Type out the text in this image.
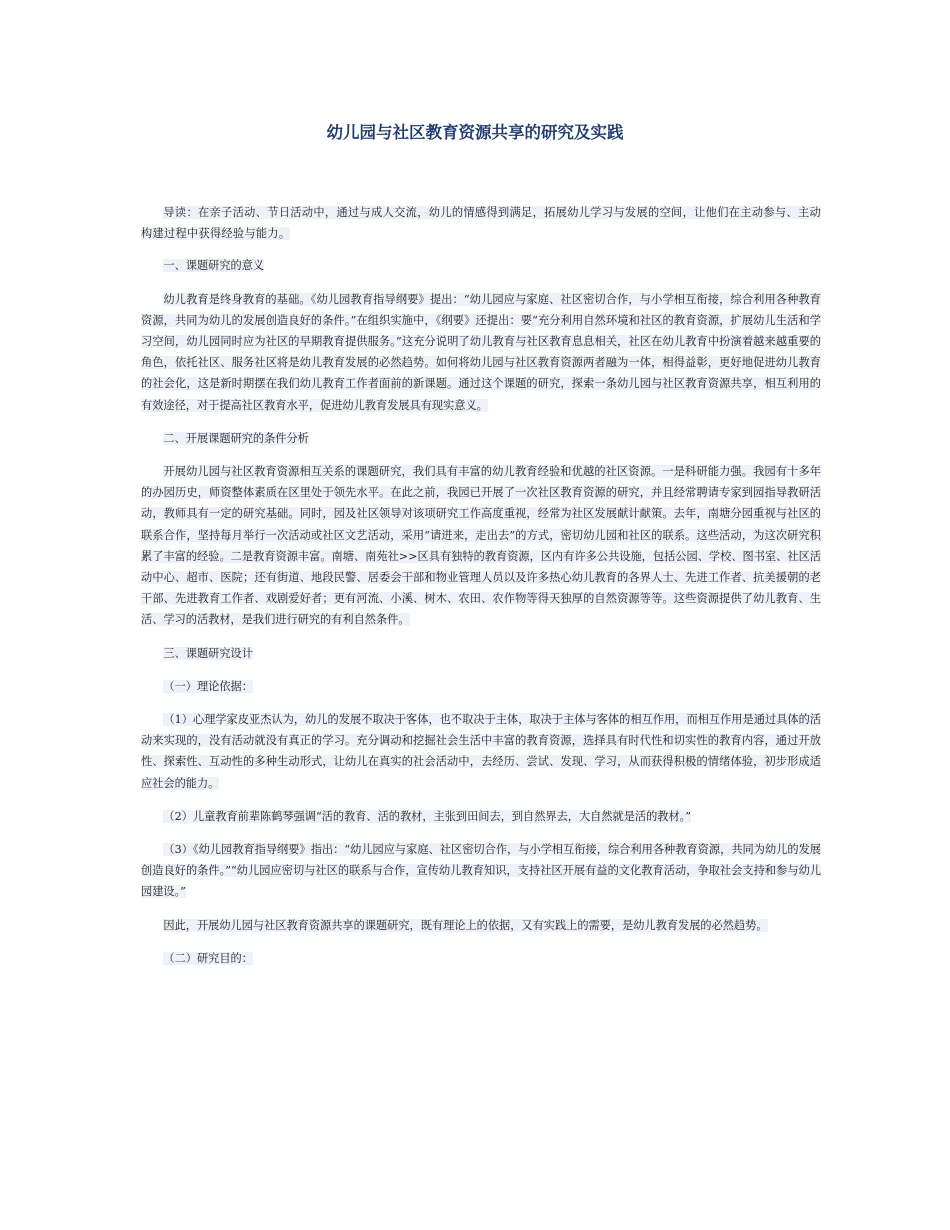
幼儿园与社区教育资源共享的研究及实践

导读：在亲子活动、节日活动中，通过与成人交流，幼儿的情感得到满足，拓展幼儿学习与发展的空间，让他们在主动参与、主动构建过程中获得经验与能力。

一、课题研究的意义

幼儿教育是终身教育的基础。《幼儿园教育指导纲要》提出：“幼儿园应与家庭、社区密切合作，与小学相互衔接，综合利用各种教育资源，共同为幼儿的发展创造良好的条件。”在组织实施中，《纲要》还提出：要“充分利用自然环境和社区的教育资源，扩展幼儿生活和学习空间，幼儿园同时应为社区的早期教育提供服务。”这充分说明了幼儿教育与社区教育息息相关，社区在幼儿教育中扮演着越来越重要的角色，依托社区、服务社区将是幼儿教育发展的必然趋势。如何将幼儿园与社区教育资源两者融为一体，相得益彰，更好地促进幼儿教育的社会化，这是新时期摆在我们幼儿教育工作者面前的新课题。通过这个课题的研究，探索一条幼儿园与社区教育资源共享，相互利用的有效途径，对于提高社区教育水平，促进幼儿教育发展具有现实意义。

二、开展课题研究的条件分析

开展幼儿园与社区教育资源相互关系的课题研究，我们具有丰富的幼儿教育经验和优越的社区资源。一是科研能力强。我园有十多年的办园历史，师资整体素质在区里处于领先水平。在此之前，我园已开展了一次社区教育资源的研究，并且经常聘请专家到园指导教研活动，教师具有一定的研究基础。同时，园及社区领导对该项研究工作高度重视，经常为社区发展献计献策。去年，南塘分园重视与社区的联系合作，坚持每月举行一次活动或社区文艺活动，采用“请进来，走出去”的方式，密切幼儿园和社区的联系。这些活动，为这次研究积累了丰富的经验。二是教育资源丰富。南塘、南苑社>>区具有独特的教育资源，区内有许多公共设施，包括公园、学校、图书室、社区活动中心、超市、医院；还有街道、地段民警、居委会干部和物业管理人员以及许多热心幼儿教育的各界人士、先进工作者、抗美援朝的老干部、先进教育工作者、戏剧爱好者；更有河流、小溪、树木、农田、农作物等得天独厚的自然资源等等。这些资源提供了幼儿教育、生活、学习的活教材，是我们进行研究的有利自然条件。

三、课题研究设计

（一）理论依据：

（1）心理学家皮亚杰认为，幼儿的发展不取决于客体，也不取决于主体，取决于主体与客体的相互作用，而相互作用是通过具体的活动来实现的，没有活动就没有真正的学习。充分调动和挖掘社会生活中丰富的教育资源，选择具有时代性和切实性的教育内容，通过开放性、探索性、互动性的多种生动形式，让幼儿在真实的社会活动中，去经历、尝试、发现、学习，从而获得积极的情绪体验，初步形成适应社会的能力。

（2）儿童教育前辈陈鹤琴强调“活的教育、活的教材，主张到田间去，到自然界去，大自然就是活的教材。”

（3）《幼儿园教育指导纲要》指出：“幼儿园应与家庭、社区密切合作，与小学相互衔接，综合利用各种教育资源，共同为幼儿的发展创造良好的条件。”“幼儿园应密切与社区的联系与合作，宣传幼儿教育知识，支持社区开展有益的文化教育活动，争取社会支持和参与幼儿园建设。”

因此，开展幼儿园与社区教育资源共享的课题研究，既有理论上的依据，又有实践上的需要，是幼儿教育发展的必然趋势。

（二）研究目的：
